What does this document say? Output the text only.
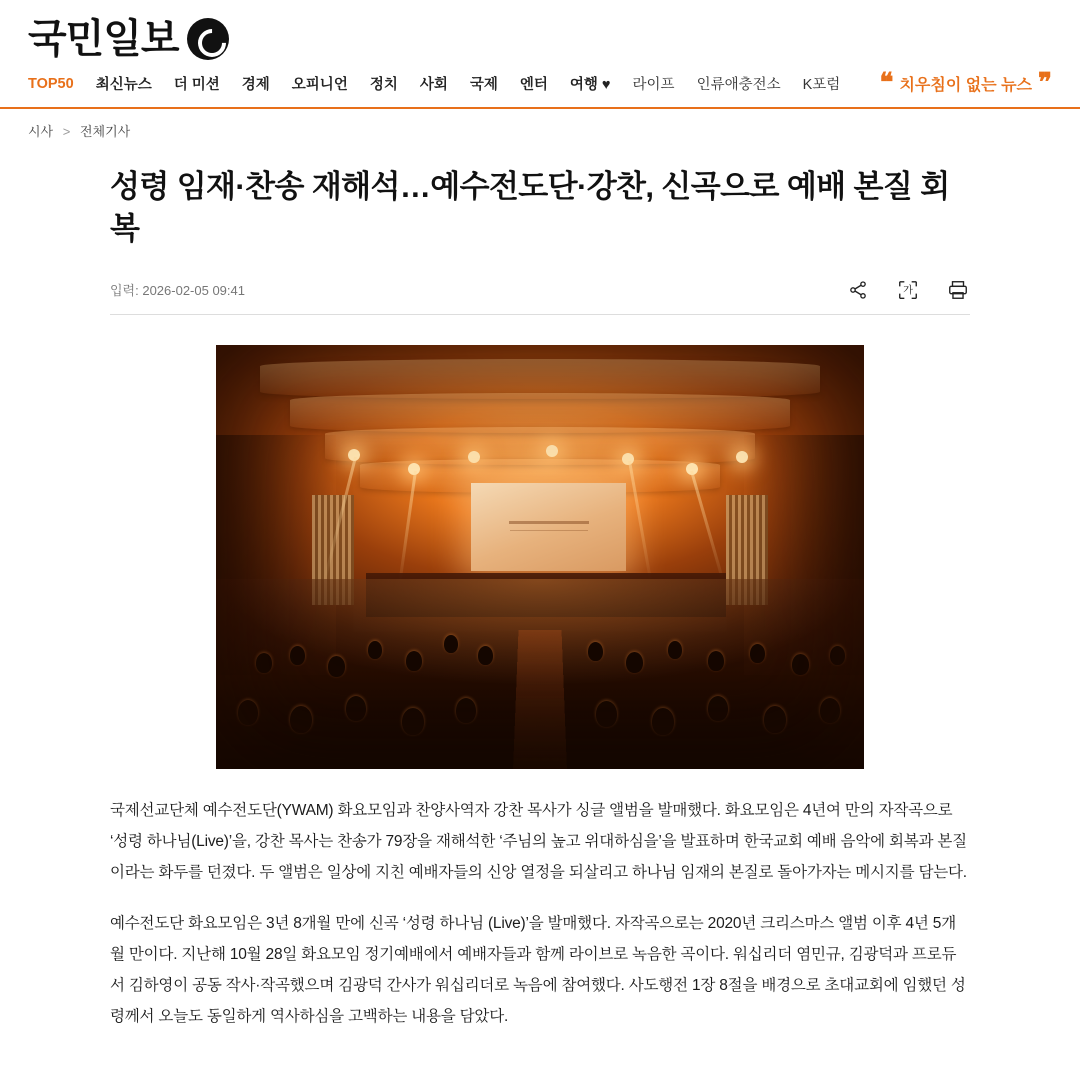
국민일보
TOP50 최신뉴스 더 미션 경제 오피니언 정치 사회 국제 엔터 여행 ♥ 라이프 인류애충전소 K포럼 ❝ 치우침이 없는 뉴스 ❞
시사 > 전체기사
성령 임재·찬송 재해석…예수전도단·강찬, 신곡으로 예배 본질 회복
입력: 2026-02-05 09:41	가

국제선교단체 예수전도단(YWAM) 화요모임과 찬양사역자 강찬 목사가 싱글 앨범을 발매했다. 화요모임은 4년여 만의 자작곡으로 ‘성령 하나님(Live)’을, 강찬 목사는 찬송가 79장을 재해석한 ‘주님의 높고 위대하심을’을 발표하며 한국교회 예배 음악에 회복과 본질이라는 화두를 던졌다. 두 앨범은 일상에 지친 예배자들의 신앙 열정을 되살리고 하나님 임재의 본질로 돌아가자는 메시지를 담는다.

예수전도단 화요모임은 3년 8개월 만에 신곡 ‘성령 하나님 (Live)’을 발매했다. 자작곡으로는 2020년 크리스마스 앨범 이후 4년 5개월 만이다. 지난해 10월 28일 화요모임 정기예배에서 예배자들과 함께 라이브로 녹음한 곡이다. 워십리더 염민규, 김광덕과 프로듀서 김하영이 공동 작사·작곡했으며 김광덕 간사가 워십리더로 녹음에 참여했다. 사도행전 1장 8절을 배경으로 초대교회에 임했던 성령께서 오늘도 동일하게 역사하심을 고백하는 내용을 담았다.
